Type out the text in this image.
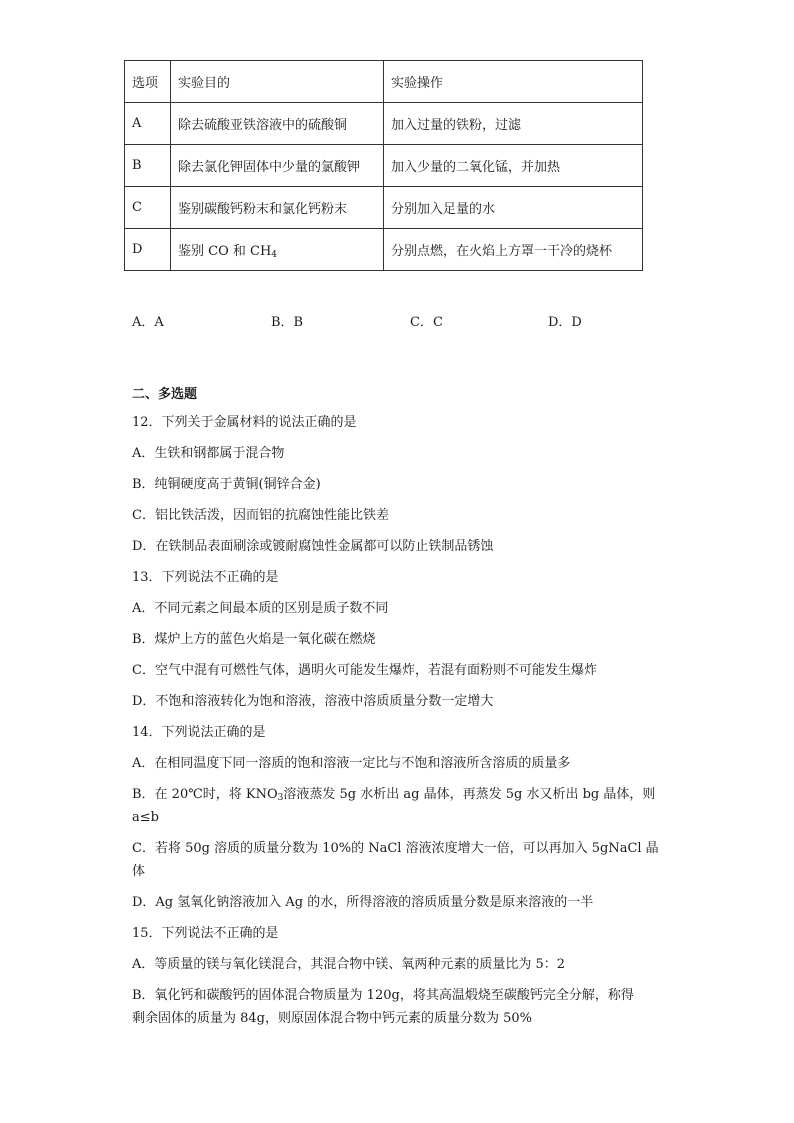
选项	实验目的	实验操作
A	除去硫酸亚铁溶液中的硫酸铜	加入过量的铁粉，过滤
B	除去氯化钾固体中少量的氯酸钾	加入少量的二氧化锰，并加热
C	鉴别碳酸钙粉末和氯化钙粉末	分别加入足量的水
D	鉴别 CO 和 $CH_4$	分别点燃，在火焰上方罩一干冷的烧杯
A．A	B．B	C．C	D．D
二、多选题
12．下列关于金属材料的说法正确的是
A．生铁和钢都属于混合物
B．纯铜硬度高于黄铜(铜锌合金)
C．铝比铁活泼，因而铝的抗腐蚀性能比铁差
D．在铁制品表面刷涂或镀耐腐蚀性金属都可以防止铁制品锈蚀
13．下列说法不正确的是
A．不同元素之间最本质的区别是质子数不同
B．煤炉上方的蓝色火焰是一氧化碳在燃烧
C．空气中混有可燃性气体，遇明火可能发生爆炸，若混有面粉则不可能发生爆炸
D．不饱和溶液转化为饱和溶液，溶液中溶质质量分数一定增大
14．下列说法正确的是
A．在相同温度下同一溶质的饱和溶液一定比与不饱和溶液所含溶质的质量多
B．在 20℃时，将 $KNO_3$溶液蒸发 5g 水析出 ag 晶体，再蒸发 5g 水又析出 bg 晶体，则
a≤b
C．若将 50g 溶质的质量分数为 10%的 NaCl 溶液浓度增大一倍，可以再加入 5gNaCl 晶
体
D．Ag 氢氧化钠溶液加入 Ag 的水，所得溶液的溶质质量分数是原来溶液的一半
15．下列说法不正确的是
A．等质量的镁与氧化镁混合，其混合物中镁、氧两种元素的质量比为 5：2
B．氧化钙和碳酸钙的固体混合物质量为 120g，将其高温煅烧至碳酸钙完全分解，称得
剩余固体的质量为 84g，则原固体混合物中钙元素的质量分数为 50%
